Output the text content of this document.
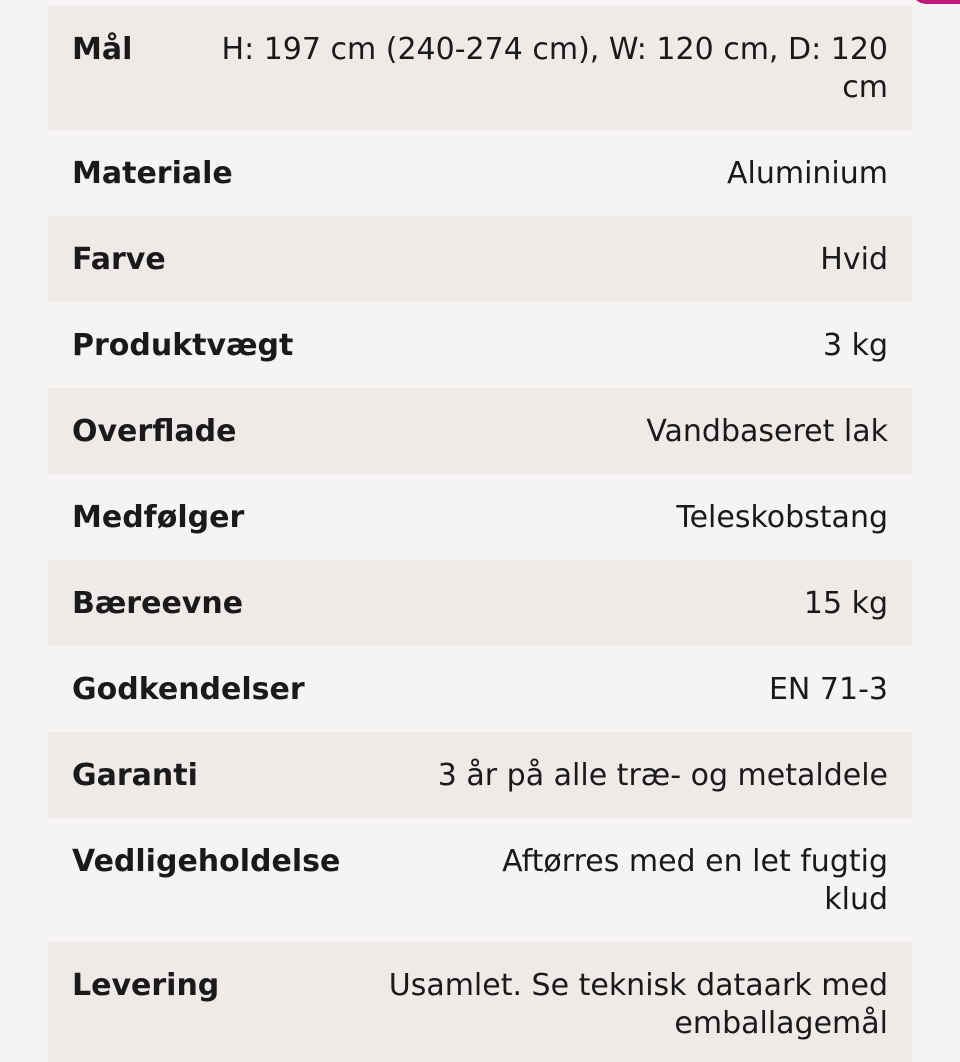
Mål	H: 197 cm (240-274 cm), W: 120 cm, D: 120 cm
Materiale	Aluminium
Farve	Hvid
Produktvægt	3 kg
Overflade	Vandbaseret lak
Medfølger	Teleskobstang
Bæreevne	15 kg
Godkendelser	EN 71-3
Garanti	3 år på alle træ- og metaldele
Vedligeholdelse	Aftørres med en let fugtig klud
Levering	Usamlet. Se teknisk dataark med emballagemål
